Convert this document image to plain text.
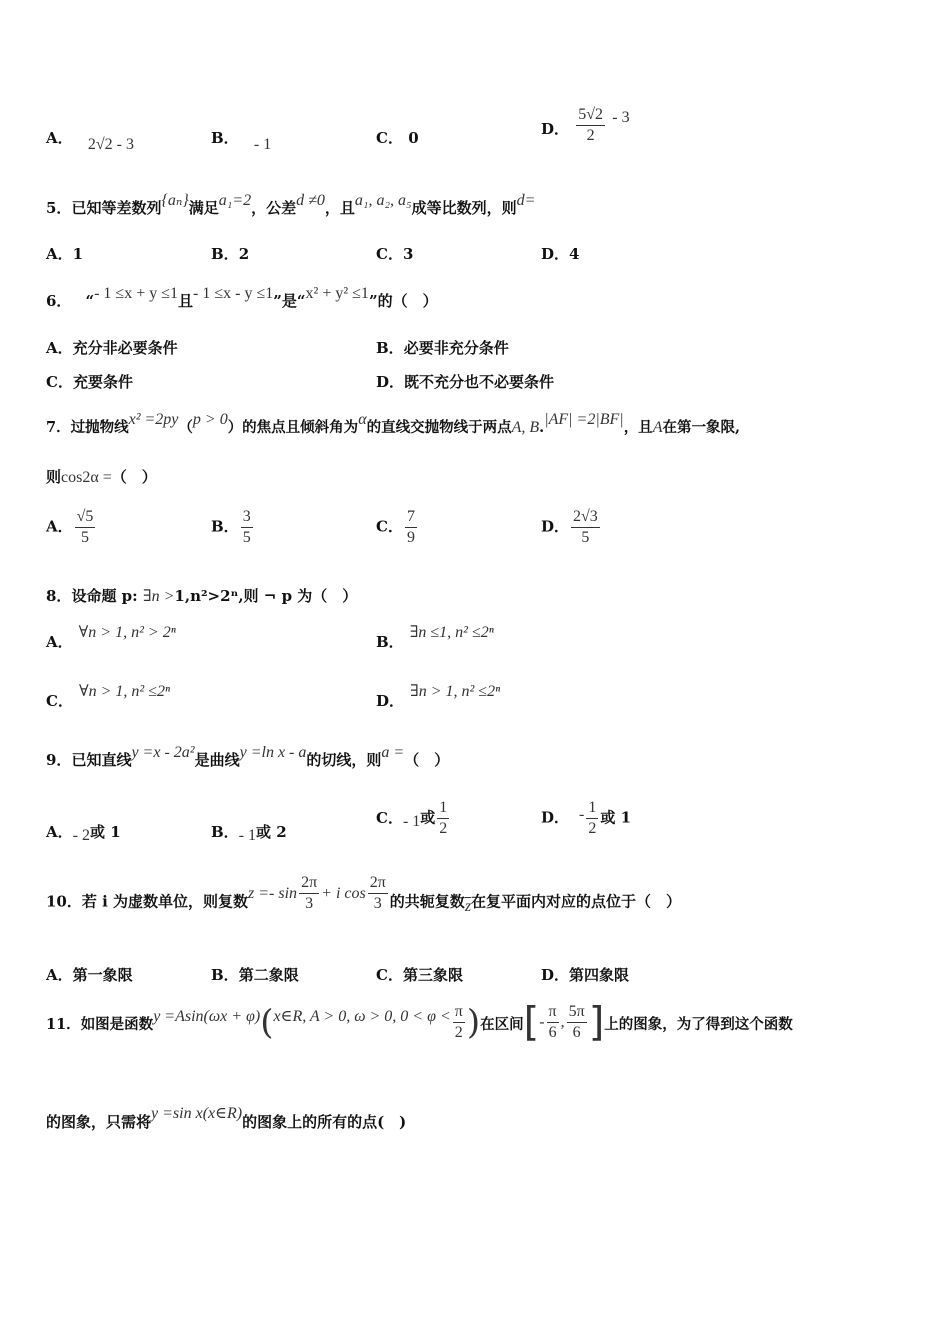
A． 2√2 - 3	B． - 1	C． 0
D． $\frac{5√2}{2} - 3$
5．已知等差数列{aₙ}满足a₁=2，公差d ≠0，且a₁, a₂, a₅成等比数列，则d=
A．1	B．2	C．3	D．4
6． “- 1 ≤x + y ≤1且- 1 ≤x - y ≤1”是“x² + y² ≤1”的（　）
A．充分非必要条件	B．必要非充分条件
C．充要条件	D．既不充分也不必要条件
7．过抛物线x² =2py（p > 0）的焦点且倾斜角为α的直线交抛物线于两点A, B.|AF| =2|BF|，且A在第一象限,
则cos2α =（　）
A． $\frac{√5}{5}$	B． $\frac{3}{5}$	C． $\frac{7}{9}$	D． $\frac{2√3}{5}$
8．设命题 p: ∃n >1,n²>2ⁿ,则 ¬ p 为（　）
A．∀n > 1, n² > 2ⁿ
B．∃n ≤1, n² ≤2ⁿ
C．∀n > 1, n² ≤2ⁿ
D．∃n > 1, n² ≤2ⁿ
9．已知直线y =x - 2a²是曲线y =ln x - a的切线，则a =（　）
A．- 2或 1	B．- 1或 2
C．- 1或 $\frac{1}{2}$	D． - $\frac{1}{2}$ 或 1
10．若 i 为虚数单位，则复数$z =- \sin \frac{2\pi}{3} + i$ $\cos \frac{2\pi}{3}$ 的共轭复数$\overline{z}$在复平面内对应的点位于（　）
A．第一象限	B．第二象限	C．第三象限	D．第四象限
11．如图是函数y =Asin(ωx + φ)(x∈R, A > 0, ω > 0, $0 < \varphi < \frac{\pi}{2}$ )在区间[- $\frac{\pi}{6}$ , $\frac{5\pi}{6}$ ]上的图象，为了得到这个函数
的图象，只需将y =sin x(x∈R)的图象上的所有的点(　)
